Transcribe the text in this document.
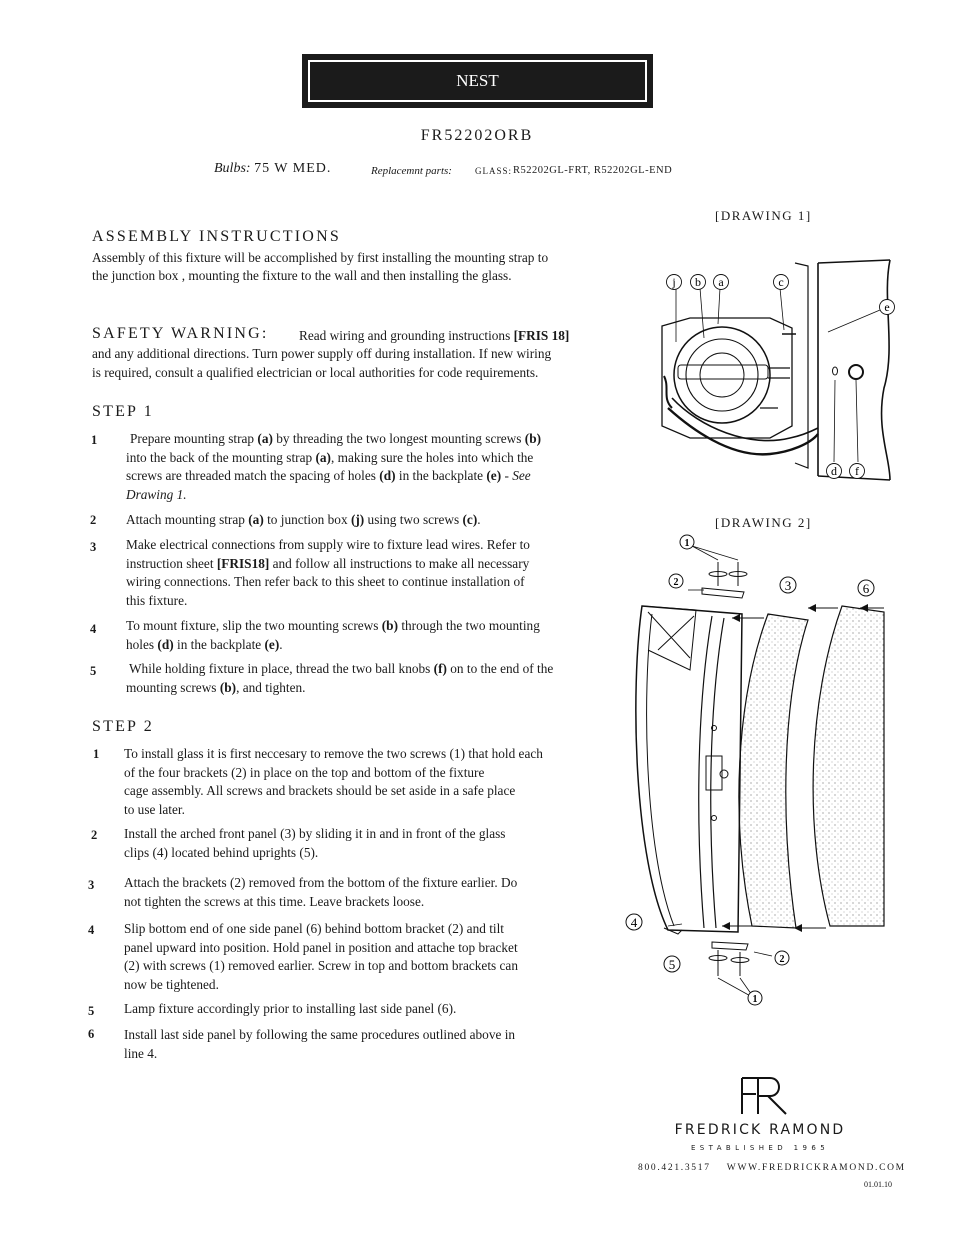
NEST
FR52202ORB
Bulbs: 75 W MED.	Replacemnt parts:	GLASS: R52202GL-FRT, R52202GL-END
ASSEMBLY INSTRUCTIONS
Assembly of this fixture will be accomplished by first installing the mounting strap to
the junction box , mounting the fixture to the wall and then installing the glass.
SAFETY WARNING: Read wiring and grounding instructions [FRIS 18]
and any additional directions. Turn power supply off during installation. If new wiring
is required, consult a qualified electrician or local authorities for code requirements.
STEP 1
1	Prepare mounting strap (a) by threading the two longest mounting screws (b)
into the back of the mounting strap (a), making sure the holes into which the
screws are threaded match the spacing of holes (d) in the backplate (e) - See
Drawing 1.
2 Attach mounting strap (a) to junction box (j) using two screws (c).
3 Make electrical connections from supply wire to fixture lead wires. Refer to
instruction sheet [FRIS18] and follow all instructions to make all necessary
wiring connections. Then refer back to this sheet to continue installation of
this fixture.
4 To mount fixture, slip the two mounting screws (b) through the two mounting
holes (d) in the backplate (e).
5 While holding fixture in place, thread the two ball knobs (f) on to the end of the
mounting screws (b), and tighten.
STEP 2
1 To install glass it is first neccesary to remove the two screws (1) that hold each
of the four brackets (2) in place on the top and bottom of the fixture
cage assembly. All screws and brackets should be set aside in a safe place
to use later.
2 Install the arched front panel (3) by sliding it in and in front of the glass
clips (4) located behind uprights (5).
3 Attach the brackets (2) removed from the bottom of the fixture earlier. Do
not tighten the screws at this time. Leave brackets loose.
4 Slip bottom end of one side panel (6) behind bottom bracket (2) and tilt
panel upward into position. Hold panel in position and attache top bracket
(2) with screws (1) removed earlier. Screw in top and bottom brackets can
now be tightened.
5 Lamp fixture accordingly prior to installing last side panel (6).
6 Install last side panel by following the same procedures outlined above in
line 4.
[DRAWING 1]
[DRAWING 2]
j b a	c
e
d f
1
2	3	6
4
5	2
1
FREDRICK RAMOND
ESTABLISHED 1965
800.421.3517 WWW.FREDRICKRAMOND.COM
01.01.10
